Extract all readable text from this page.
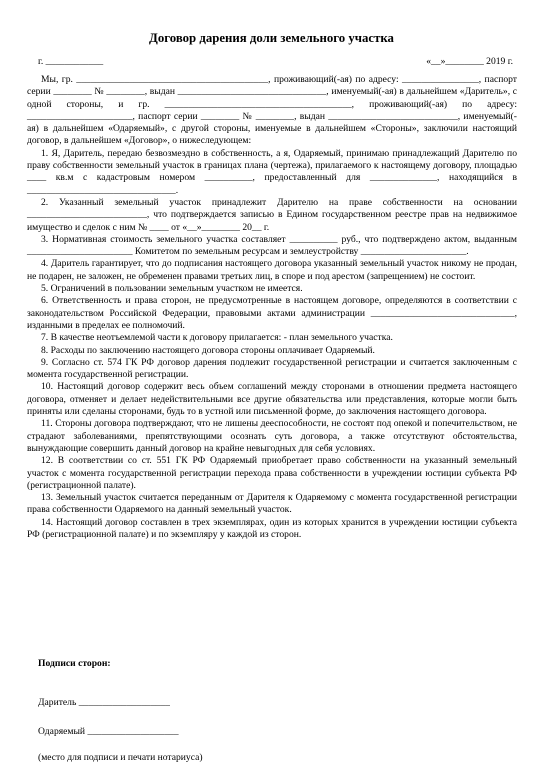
Договор дарения доли земельного участка
г. ____________	«__»________ 2019 г.

Мы, гр. ________________________________________, проживающий(-ая) по адресу: ________________, паспорт серии ________ № ________, выдан _______________________________, именуемый(-ая) в дальнейшем «Даритель», с одной стороны, и гр. _______________________________________, проживающий(-ая) по адресу: ______________________, паспорт серии ________ № ________, выдан ___________________________, именуемый(-ая) в дальнейшем «Одаряемый», с другой стороны, именуемые в дальнейшем «Стороны», заключили настоящий договор, в дальнейшем «Договор», о нижеследующем:

1. Я, Даритель, передаю безвозмездно в собственность, а я, Одаряемый, принимаю принадлежащий Дарителю по праву собственности земельный участок в границах плана (чертежа), прилагаемого к настоящему договору, площадью ____ кв.м с кадастровым номером __________, предоставленный для ______________, находящийся в _______________________________.

2. Указанный земельный участок принадлежит Дарителю на праве собственности на основании _________________________, что подтверждается записью в Едином государственном реестре прав на недвижимое имущество и сделок с ним № ____ от «__»________ 20__ г.

3. Нормативная стоимость земельного участка составляет __________ руб., что подтверждено актом, выданным ______________________ Комитетом по земельным ресурсам и землеустройству ______________________.

4. Даритель гарантирует, что до подписания настоящего договора указанный земельный участок никому не продан, не подарен, не заложен, не обременен правами третьих лиц, в споре и под арестом (запрещением) не состоит.

5. Ограничений в пользовании земельным участком не имеется.

6. Ответственность и права сторон, не предусмотренные в настоящем договоре, определяются в соответствии с законодательством Российской Федерации, правовыми актами администрации ______________________________, изданными в пределах ее полномочий.

7. В качестве неотъемлемой части к договору прилагается: - план земельного участка.

8. Расходы по заключению настоящего договора стороны оплачивает Одаряемый.

9. Согласно ст. 574 ГК РФ договор дарения подлежит государственной регистрации и считается заключенным с момента государственной регистрации.

10. Настоящий договор содержит весь объем соглашений между сторонами в отношении предмета настоящего договора, отменяет и делает недействительными все другие обязательства или представления, которые могли быть приняты или сделаны сторонами, будь то в устной или письменной форме, до заключения настоящего договора.

11. Стороны договора подтверждают, что не лишены дееспособности, не состоят под опекой и попечительством, не страдают заболеваниями, препятствующими осознать суть договора, а также отсутствуют обстоятельства, вынуждающие совершить данный договор на крайне невыгодных для себя условиях.

12. В соответствии со ст. 551 ГК РФ Одаряемый приобретает право собственности на указанный земельный участок с момента государственной регистрации перехода права собственности в учреждении юстиции субъекта РФ (регистрационной палате).

13. Земельный участок считается переданным от Дарителя к Одаряемому с момента государственной регистрации права собственности Одаряемого на данный земельный участок.

14. Настоящий договор составлен в трех экземплярах, один из которых хранится в учреждении юстиции субъекта РФ (регистрационной палате) и по экземпляру у каждой из сторон.

Подписи сторон:
Даритель ___________________
Одаряемый ___________________
(место для подписи и печати нотариуса)
